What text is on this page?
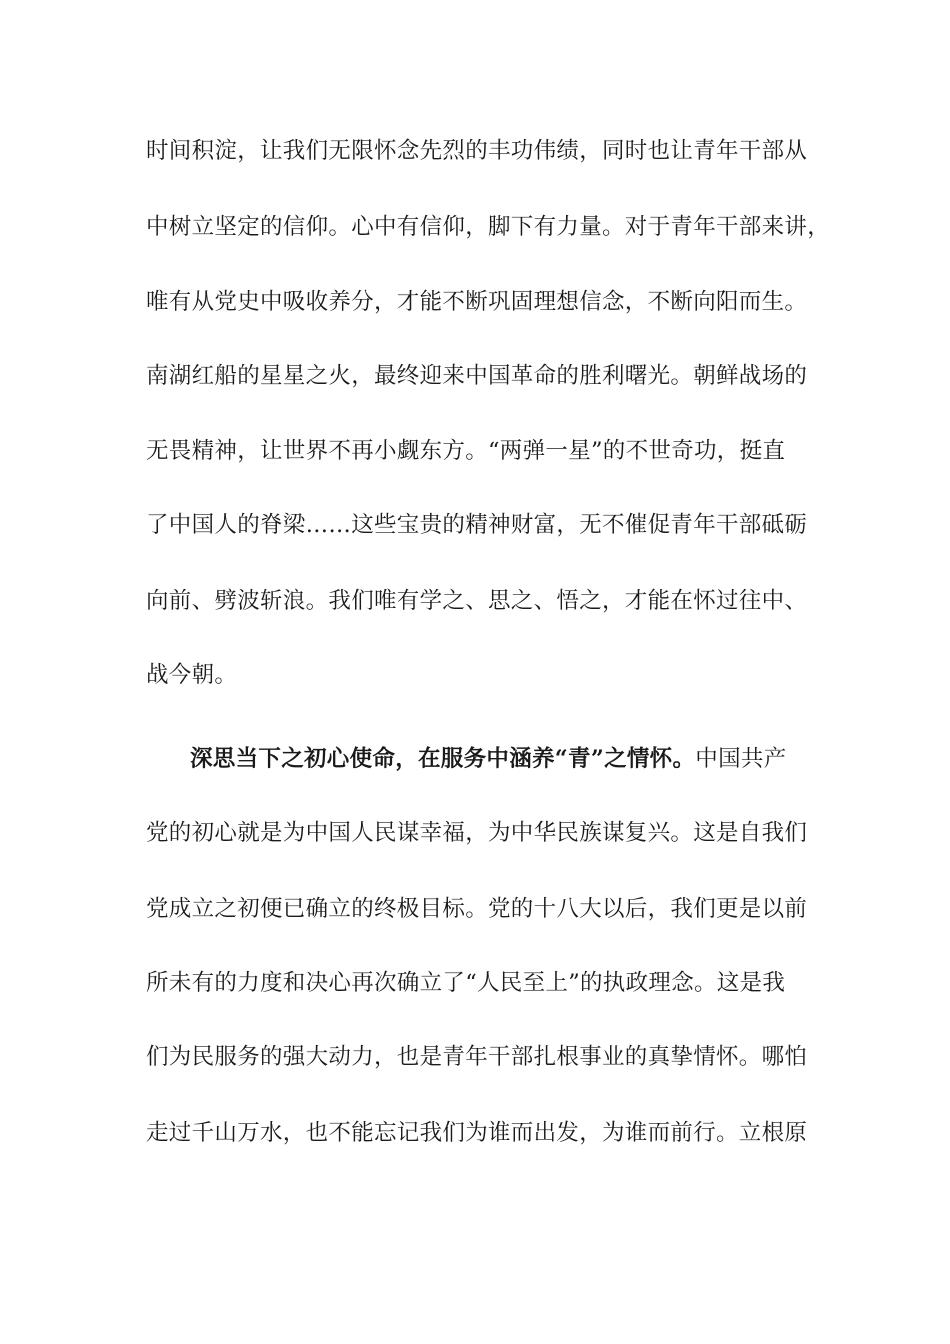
时间积淀，让我们无限怀念先烈的丰功伟绩，同时也让青年干部从
中树立坚定的信仰。心中有信仰，脚下有力量。对于青年干部来讲，
唯有从党史中吸收养分，才能不断巩固理想信念，不断向阳而生。
南湖红船的星星之火，最终迎来中国革命的胜利曙光。朝鲜战场的
无畏精神，让世界不再小觑东方。“两弹一星”的不世奇功，挺直
了中国人的脊梁……这些宝贵的精神财富，无不催促青年干部砥砺
向前、劈波斩浪。我们唯有学之、思之、悟之，才能在怀过往中、
战今朝。
深思当下之初心使命，在服务中涵养“青”之情怀。中国共产
党的初心就是为中国人民谋幸福，为中华民族谋复兴。这是自我们
党成立之初便已确立的终极目标。党的十八大以后，我们更是以前
所未有的力度和决心再次确立了“人民至上”的执政理念。这是我
们为民服务的强大动力，也是青年干部扎根事业的真挚情怀。哪怕
走过千山万水，也不能忘记我们为谁而出发，为谁而前行。立根原
